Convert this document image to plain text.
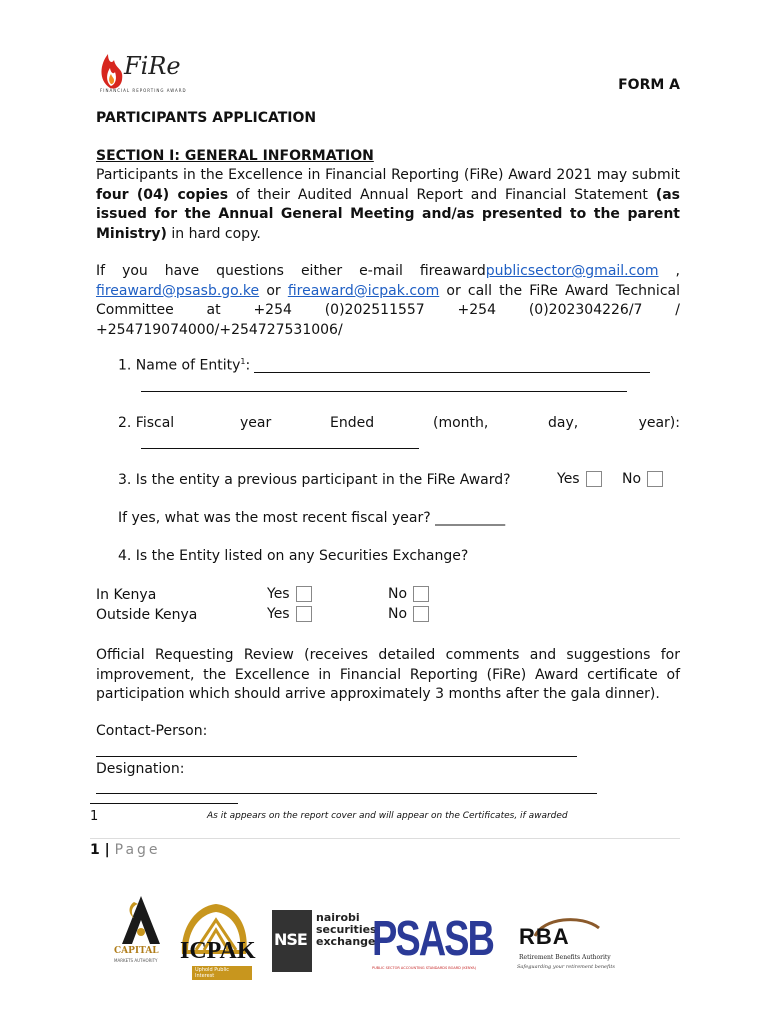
FiRe
FINANCIAL REPORTING AWARD	FORM A
PARTICIPANTS APPLICATION
SECTION I: GENERAL INFORMATION
Participants in the Excellence in Financial Reporting (FiRe) Award 2021 may submit four (04) copies of their Audited Annual Report and Financial Statement (as issued for the Annual General Meeting and/as presented to the parent Ministry) in hard copy.
If you have questions either e-mail fireawardpublicsector@gmail.com , fireaward@psasb.go.ke or fireaward@icpak.com or call the FiRe Award Technical Committee at +254 (0)202511557 +254 (0)202304226/7 / +254719074000/+254727531006/
1. Name of Entity$^1$:
2. Fiscal	year	Ended	(month,	day,	year):
3. Is the entity a previous participant in the FiRe Award?	Yes	No
If yes, what was the most recent fiscal year? __________
4. Is the Entity listed on any Securities Exchange?
In Kenya	Yes	No
Outside Kenya	Yes	No
Official Requesting Review (receives detailed comments and suggestions for improvement, the Excellence in Financial Reporting (FiRe) Award certificate of participation which should arrive approximately 3 months after the gala dinner).
Contact-Person:
Designation:
1	As it appears on the report cover and will appear on the Certificates, if awarded
1 | Page
CAPITAL
MARKETS AUTHORITY ICPAK
Uphold Public Interest
NSE
nairobi
securities
exchange
PSASB
PUBLIC SECTOR ACCOUNTING STANDARDS BOARD (KENYA)
RBA
Retirement Benefits Authority
Safeguarding your retirement benefits
